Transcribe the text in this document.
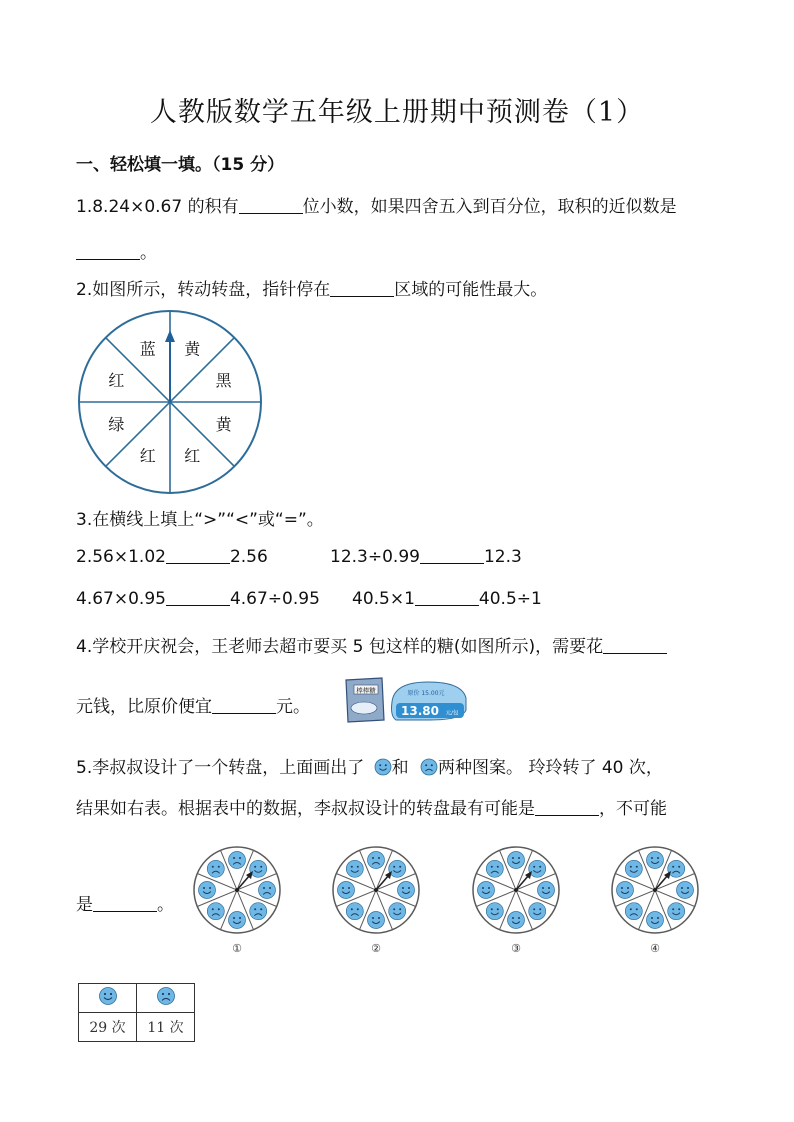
人教版数学五年级上册期中预测卷（1）
一、轻松填一填。（15 分）
1.8.24×0.67 的积有	位小数，如果四舍五入到百分位，取积的近似数是
。
2.如图所示，转动转盘，指针停在	区域的可能性最大。
黄
黑
黄
红
红
绿
红
蓝
3.在横线上填上“>”“<”或“=”。
2.56×1.02	2.56	12.3÷0.99	12.3
4.67×0.95	4.67÷0.95 40.5×1	40.5÷1
4.学校开庆祝会，王老师去超市要买 5 包这样的糖(如图所示)，需要花
元钱，比原价便宜	元。
棒棒糖	原价 15.00元
13.80 元/包
5.李叔叔设计了一个转盘，上面画出了 和 两种图案。 玲玲转了 40 次，
结果如右表。根据表中的数据，李叔叔设计的转盘最有可能是	，不可能
是	。
①	②	③	④

29 次	11 次
